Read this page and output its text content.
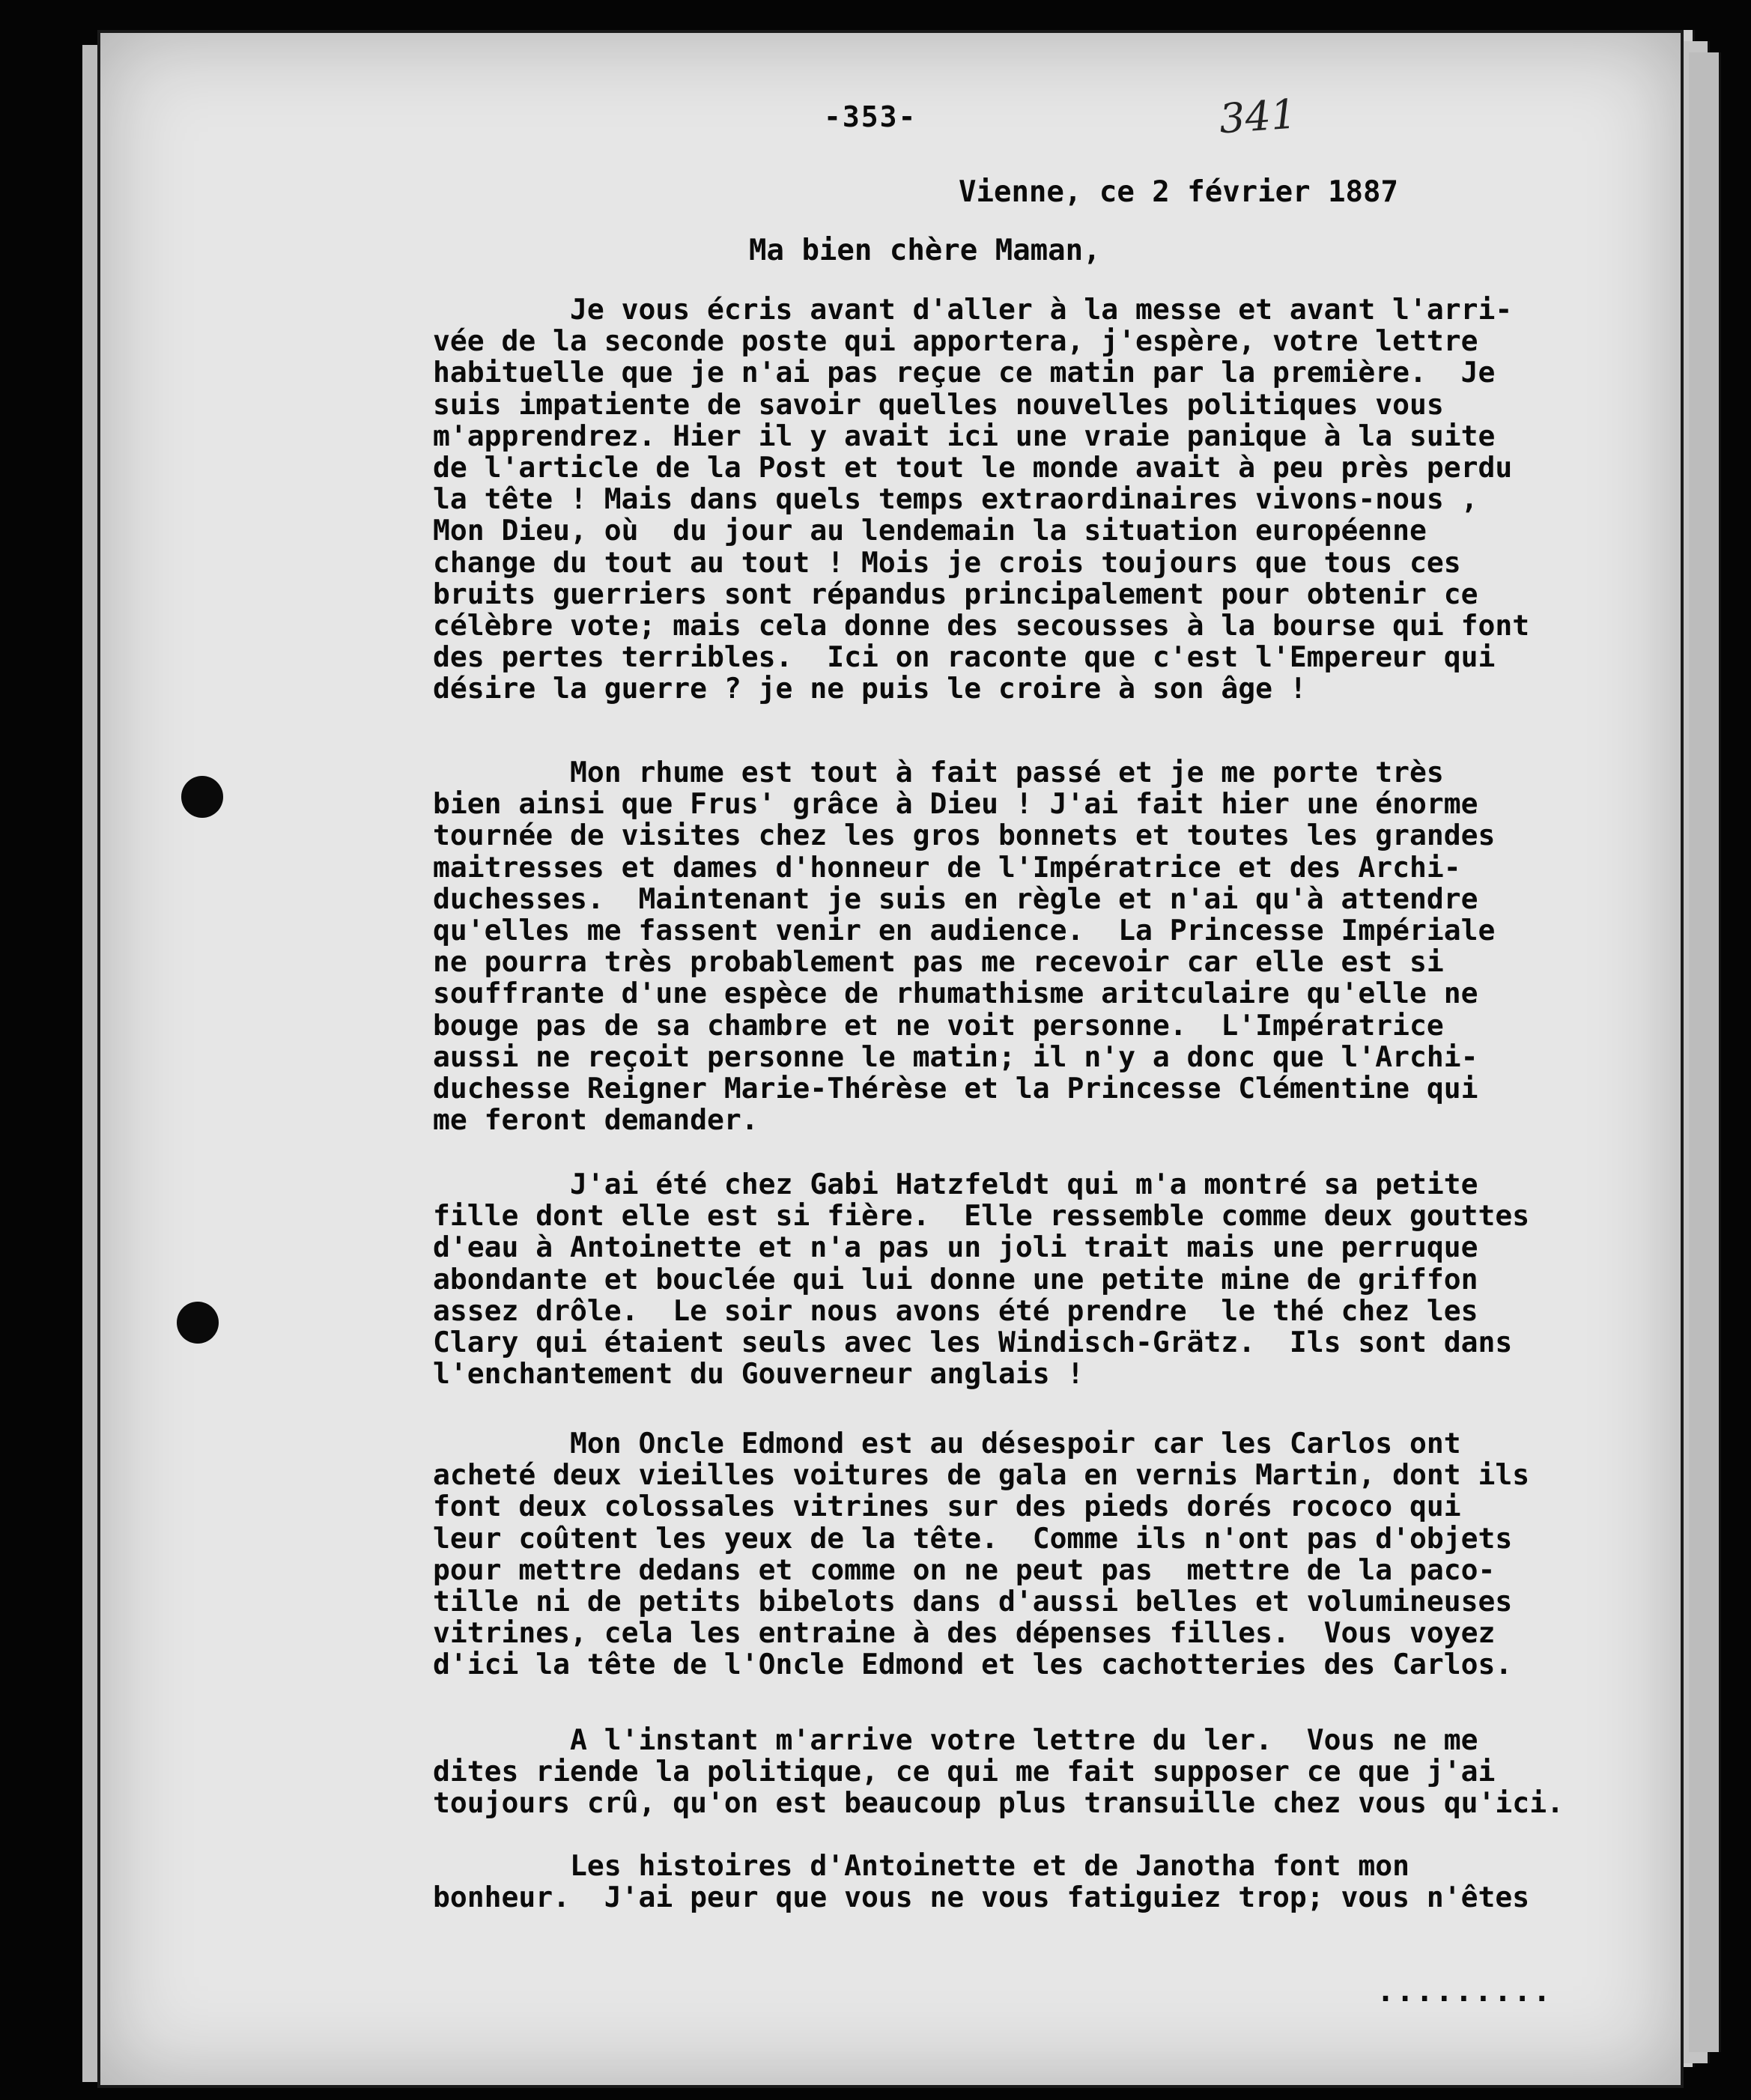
-353-	341
Vienne, ce 2 février 1887
Ma bien chère Maman,
Je vous écris avant d'aller à la messe et avant l'arri-
vée de la seconde poste qui apportera, j'espère, votre lettre
habituelle que je n'ai pas reçue ce matin par la première.  Je
suis impatiente de savoir quelles nouvelles politiques vous
m'apprendrez. Hier il y avait ici une vraie panique à la suite
de l'article de la Post et tout le monde avait à peu près perdu
la tête ! Mais dans quels temps extraordinaires vivons-nous ,
Mon Dieu, où  du jour au lendemain la situation européenne
change du tout au tout ! Mois je crois toujours que tous ces
bruits guerriers sont répandus principalement pour obtenir ce
célèbre vote; mais cela donne des secousses à la bourse qui font
des pertes terribles.  Ici on raconte que c'est l'Empereur qui
désire la guerre ? je ne puis le croire à son âge !
Mon rhume est tout à fait passé et je me porte très
bien ainsi que Frus' grâce à Dieu ! J'ai fait hier une énorme
tournée de visites chez les gros bonnets et toutes les grandes
maitresses et dames d'honneur de l'Impératrice et des Archi-
duchesses.  Maintenant je suis en règle et n'ai qu'à attendre
qu'elles me fassent venir en audience.  La Princesse Impériale
ne pourra très probablement pas me recevoir car elle est si
souffrante d'une espèce de rhumathisme aritculaire qu'elle ne
bouge pas de sa chambre et ne voit personne.  L'Impératrice
aussi ne reçoit personne le matin; il n'y a donc que l'Archi-
duchesse Reigner Marie-Thérèse et la Princesse Clémentine qui
me feront demander.
J'ai été chez Gabi Hatzfeldt qui m'a montré sa petite
fille dont elle est si fière.  Elle ressemble comme deux gouttes
d'eau à Antoinette et n'a pas un joli trait mais une perruque
abondante et bouclée qui lui donne une petite mine de griffon
assez drôle.  Le soir nous avons été prendre  le thé chez les
Clary qui étaient seuls avec les Windisch-Grätz.  Ils sont dans
l'enchantement du Gouverneur anglais !
Mon Oncle Edmond est au désespoir car les Carlos ont
acheté deux vieilles voitures de gala en vernis Martin, dont ils
font deux colossales vitrines sur des pieds dorés rococo qui
leur coûtent les yeux de la tête.  Comme ils n'ont pas d'objets
pour mettre dedans et comme on ne peut pas  mettre de la paco-
tille ni de petits bibelots dans d'aussi belles et volumineuses
vitrines, cela les entraine à des dépenses filles.  Vous voyez
d'ici la tête de l'Oncle Edmond et les cachotteries des Carlos.
A l'instant m'arrive votre lettre du ler.  Vous ne me
dites riende la politique, ce qui me fait supposer ce que j'ai
toujours crû, qu'on est beaucoup plus transuille chez vous qu'ici.
Les histoires d'Antoinette et de Janotha font mon
bonheur.  J'ai peur que vous ne vous fatiguiez trop; vous n'êtes
.........
